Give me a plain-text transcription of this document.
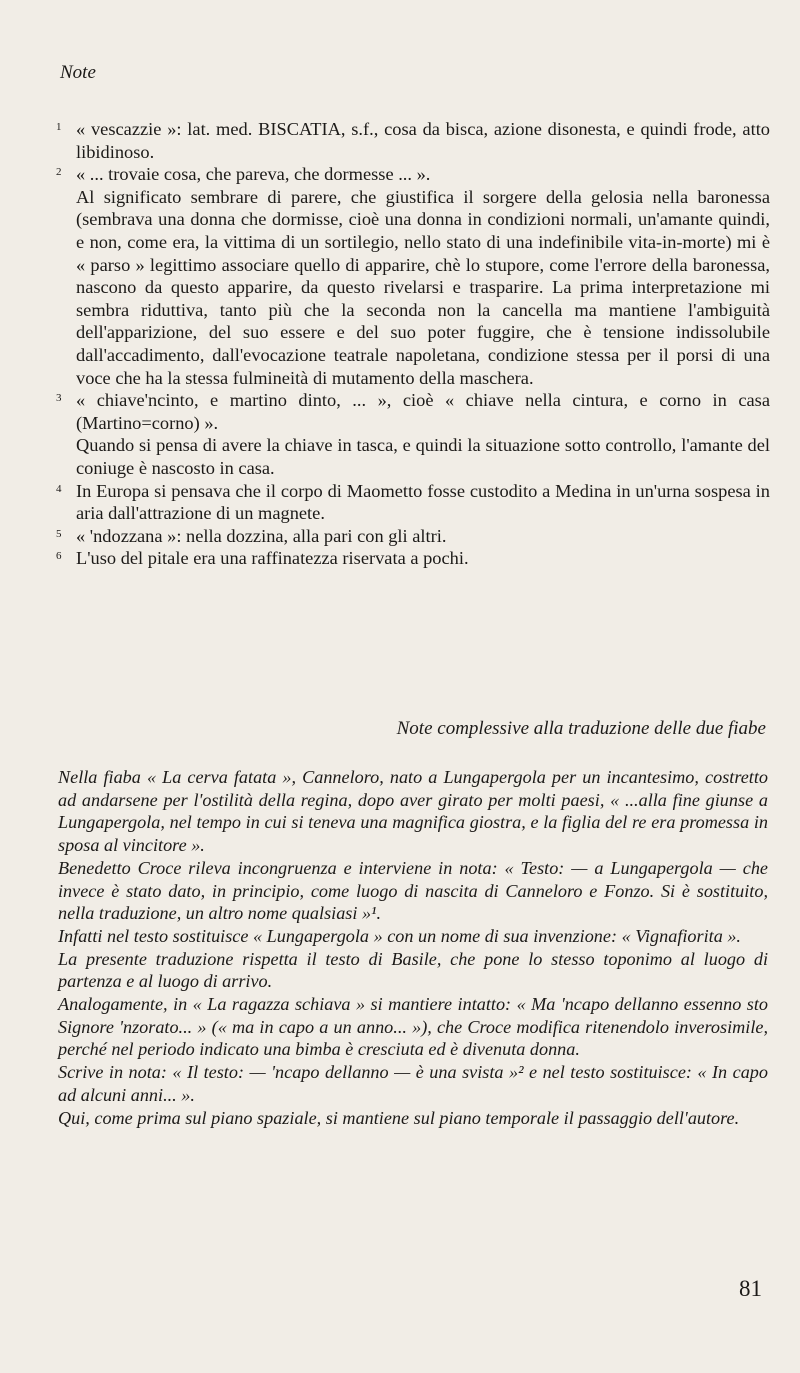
Note
1 « vescazzie »: lat. med. BISCATIA, s.f., cosa da bisca, azione disonesta, e quindi frode, atto libidinoso.

2 « ... trovaie cosa, che pareva, che dormesse ... ».

Al significato sembrare di parere, che giustifica il sorgere della gelosia nella baronessa (sembrava una donna che dormisse, cioè una donna in condizioni normali, un'amante quindi, e non, come era, la vittima di un sortilegio, nello stato di una indefinibile vita-in-morte) mi è « parso » legittimo associare quello di apparire, chè lo stupore, come l'errore della baronessa, nascono da questo apparire, da questo rivelarsi e trasparire. La prima interpretazione mi sembra riduttiva, tanto più che la seconda non la cancella ma mantiene l'ambiguità dell'apparizione, del suo essere e del suo poter fuggire, che è tensione indissolubile dall'accadimento, dall'evocazione teatrale napoletana, condizione stessa per il porsi di una voce che ha la stessa fulmineità di mutamento della maschera.

3 « chiave'ncinto, e martino dinto, ... », cioè « chiave nella cintura, e corno in casa (Martino=corno) ».

Quando si pensa di avere la chiave in tasca, e quindi la situazione sotto controllo, l'amante del coniuge è nascosto in casa.

4 In Europa si pensava che il corpo di Maometto fosse custodito a Medina in un'urna sospesa in aria dall'attrazione di un magnete.

5 « 'ndozzana »: nella dozzina, alla pari con gli altri.

6 L'uso del pitale era una raffinatezza riservata a pochi.

Note complessive alla traduzione delle due fiabe

Nella fiaba « La cerva fatata », Canneloro, nato a Lungapergola per un incantesimo, costretto ad andarsene per l'ostilità della regina, dopo aver girato per molti paesi, « ...alla fine giunse a Lungapergola, nel tempo in cui si teneva una magnifica giostra, e la figlia del re era promessa in sposa al vincitore ».

Benedetto Croce rileva incongruenza e interviene in nota: « Testo: — a Lungapergola — che invece è stato dato, in principio, come luogo di nascita di Canneloro e Fonzo. Si è sostituito, nella traduzione, un altro nome qualsiasi »¹.

Infatti nel testo sostituisce « Lungapergola » con un nome di sua invenzione: « Vignafiorita ».

La presente traduzione rispetta il testo di Basile, che pone lo stesso toponimo al luogo di partenza e al luogo di arrivo.

Analogamente, in « La ragazza schiava » si mantiere intatto: « Ma 'ncapo dellanno essenno sto Signore 'nzorato... » (« ma in capo a un anno... »), che Croce modifica ritenendolo inverosimile, perché nel periodo indicato una bimba è cresciuta ed è divenuta donna.

Scrive in nota: « Il testo: — 'ncapo dellanno — è una svista »² e nel testo sostituisce: « In capo ad alcuni anni... ».

Qui, come prima sul piano spaziale, si mantiene sul piano temporale il passaggio dell'autore.

81
